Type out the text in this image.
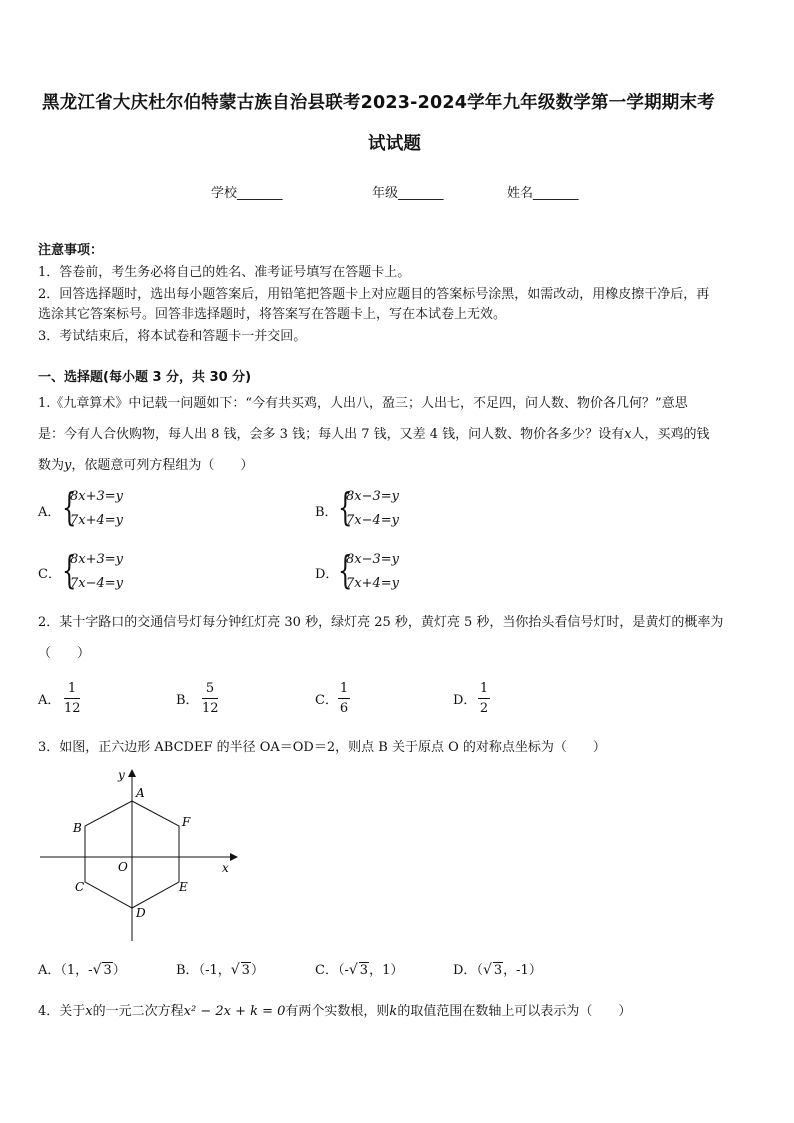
黑龙江省大庆杜尔伯特蒙古族自治县联考2023-2024学年九年级数学第一学期期末考
试试题
学校_______	年级_______	姓名_______
注意事项：
1．答卷前，考生务必将自己的姓名、准考证号填写在答题卡上。
2．回答选择题时，选出每小题答案后，用铅笔把答题卡上对应题目的答案标号涂黑，如需改动，用橡皮擦干净后，再
选涂其它答案标号。回答非选择题时，将答案写在答题卡上，写在本试卷上无效。
3．考试结束后，将本试卷和答题卡一并交回。
一、选择题(每小题 3 分，共 30 分)
1.《九章算术》中记载一问题如下：“今有共买鸡，人出八，盈三；人出七，不足四，问人数、物价各几何？”意思
是：今有人合伙购物，每人出 8 钱，会多 3 钱；每人出 7 钱，又差 4 钱，问人数、物价各多少？设有x人，买鸡的钱
数为y，依题意可列方程组为（　　）
A． {
8x+3=y
7x+4=y
B． {
8x−3=y
7x−4=y
C． {
8x+3=y
7x−4=y
D． {
8x−3=y
7x+4=y
2．某十字路口的交通信号灯每分钟红灯亮 30 秒，绿灯亮 25 秒，黄灯亮 5 秒，当你抬头看信号灯时，是黄灯的概率为
（　　）
A．
1
12
B．
5
12
C．
1
6
D．
1
2
3．如图，正六边形 ABCDEF 的半径 OA＝OD＝2，则点 B 关于原点 O 的对称点坐标为（　　）
A
F
E
D
C
B
O	x
y
A．（1，-√ 3）	B．（-1，√ 3）	C．（-√ 3，1）	D．（√ 3，-1）
4．关于x的一元二次方程x² − 2x + k = 0有两个实数根，则k的取值范围在数轴上可以表示为（　　）
